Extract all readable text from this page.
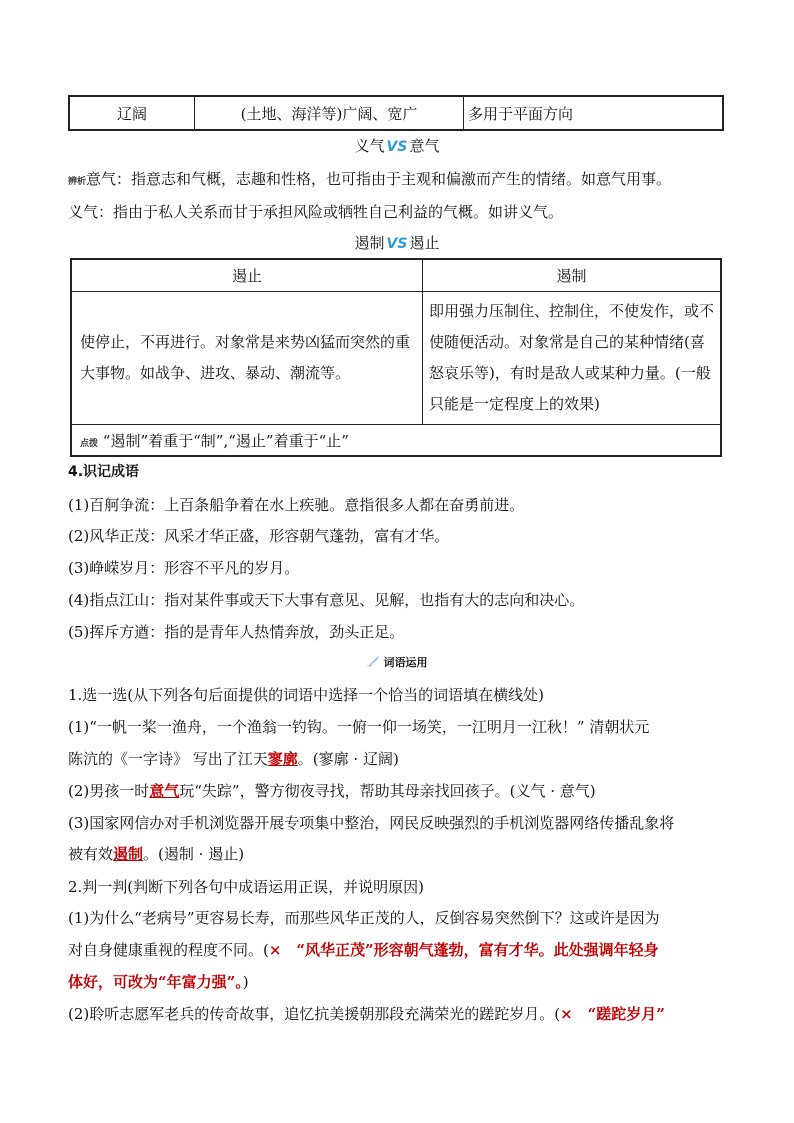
辽阔	(土地、海洋等)广阔、宽广	多用于平面方向
义气 VS 意气
辨析意气：指意志和气概，志趣和性格，也可指由于主观和偏激而产生的情绪。如意气用事。
义气：指由于私人关系而甘于承担风险或牺牲自己利益的气概。如讲义气。
遏制 VS 遏止
遏止	遏制
使停止，不再进行。对象常是来势凶猛而突然的重大事物。如战争、进攻、暴动、潮流等。	即用强力压制住、控制住，不使发作，或不使随便活动。对象常是自己的某种情绪(喜怒哀乐等)，有时是敌人或某种力量。(一般只能是一定程度上的效果)
点拨 “遏制”着重于“制”,“遏止”着重于“止”	
4.识记成语
(1)百舸争流：上百条船争着在水上疾驰。意指很多人都在奋勇前进。
(2)风华正茂：风采才华正盛，形容朝气蓬勃，富有才华。
(3)峥嵘岁月：形容不平凡的岁月。
(4)指点江山：指对某件事或天下大事有意见、见解，也指有大的志向和决心。
(5)挥斥方遒：指的是青年人热情奔放，劲头正足。
词语运用
1.选一选(从下列各句后面提供的词语中选择一个恰当的词语填在横线处)
(1)“一帆一桨一渔舟，一个渔翁一钓钩。一俯一仰一场笑，一江明月一江秋！” 清朝状元
陈沆的《一字诗》 写出了江天寥廓。(寥廓 · 辽阔)
(2)男孩一时意气玩“失踪”，警方彻夜寻找，帮助其母亲找回孩子。(义气 · 意气)
(3)国家网信办对手机浏览器开展专项集中整治，网民反映强烈的手机浏览器网络传播乱象将
被有效遏制。(遏制 · 遏止)
2.判一判(判断下列各句中成语运用正误，并说明原因)
(1)为什么“老病号”更容易长寿，而那些风华正茂的人，反倒容易突然倒下？这或许是因为
对自身健康重视的程度不同。(×　“风华正茂”形容朝气蓬勃，富有才华。此处强调年轻身
体好，可改为“年富力强”。)
(2)聆听志愿军老兵的传奇故事，追忆抗美援朝那段充满荣光的蹉跎岁月。(×　“蹉跎岁月”
